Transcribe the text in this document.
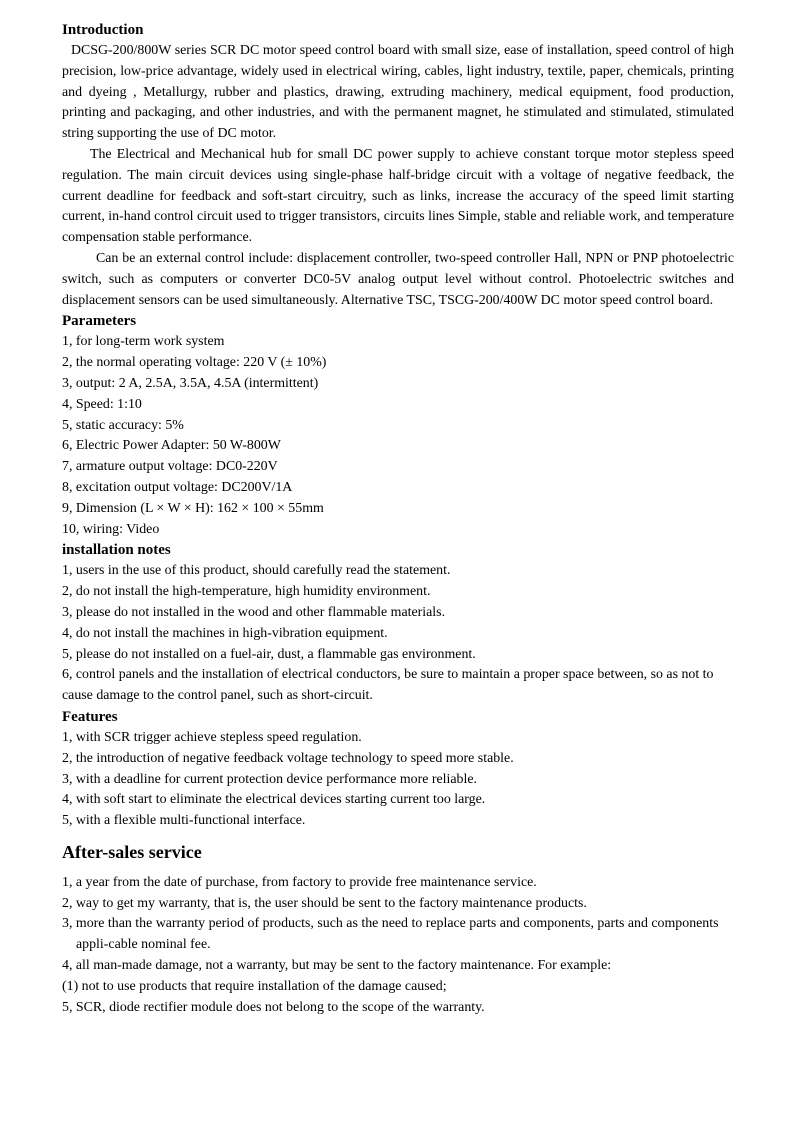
Introduction

DCSG-200/800W series SCR DC motor speed control board with small size, ease of installation, speed control of high precision, low-price advantage, widely used in electrical wiring, cables, light industry, textile, paper, chemicals, printing and dyeing , Metallurgy, rubber and plastics, drawing, extruding machinery, medical equipment, food production, printing and packaging, and other industries, and with the permanent magnet, he stimulated and stimulated, stimulated string supporting the use of DC motor.

The Electrical and Mechanical hub for small DC power supply to achieve constant torque motor stepless speed regulation. The main circuit devices using single-phase half-bridge circuit with a voltage of negative feedback, the current deadline for feedback and soft-start circuitry, such as links, increase the accuracy of the speed limit starting current, in-hand control circuit used to trigger transistors, circuits lines Simple, stable and reliable work, and temperature compensation stable performance.

Can be an external control include: displacement controller, two-speed controller Hall, NPN or PNP photoelectric switch, such as computers or converter DC0-5V analog output level without control. Photoelectric switches and displacement sensors can be used simultaneously. Alternative TSC, TSCG-200/400W DC motor speed control board.

Parameters
1, for long-term work system
2, the normal operating voltage: 220 V (± 10%)
3, output: 2 A, 2.5A, 3.5A, 4.5A (intermittent)
4, Speed: 1:10
5, static accuracy: 5%
6, Electric Power Adapter: 50 W-800W
7, armature output voltage: DC0-220V
8, excitation output voltage: DC200V/1A
9, Dimension (L × W × H): 162 × 100 × 55mm
10, wiring: Video
installation notes
1, users in the use of this product, should carefully read the statement.
2, do not install the high-temperature, high humidity environment.
3, please do not installed in the wood and other flammable materials.
4, do not install the machines in high-vibration equipment.
5, please do not installed on a fuel-air, dust, a flammable gas environment.
6, control panels and the installation of electrical conductors, be sure to maintain a proper space between, so as not to cause damage to the control panel, such as short-circuit.
Features
1, with SCR trigger achieve stepless speed regulation.
2, the introduction of negative feedback voltage technology to speed more stable.
3, with a deadline for current protection device performance more reliable.
4, with soft start to eliminate the electrical devices starting current too large.
5, with a flexible multi-functional interface.
After-sales service
1, a year from the date of purchase, from factory to provide free maintenance service.
2, way to get my warranty, that is, the user should be sent to the factory maintenance products.
3, more than the warranty period of products, such as the need to replace parts and components, parts and components appli-cable nominal fee.
4, all man-made damage, not a warranty, but may be sent to the factory maintenance. For example:
(1) not to use products that require installation of the damage caused;
5, SCR, diode rectifier module does not belong to the scope of the warranty.
